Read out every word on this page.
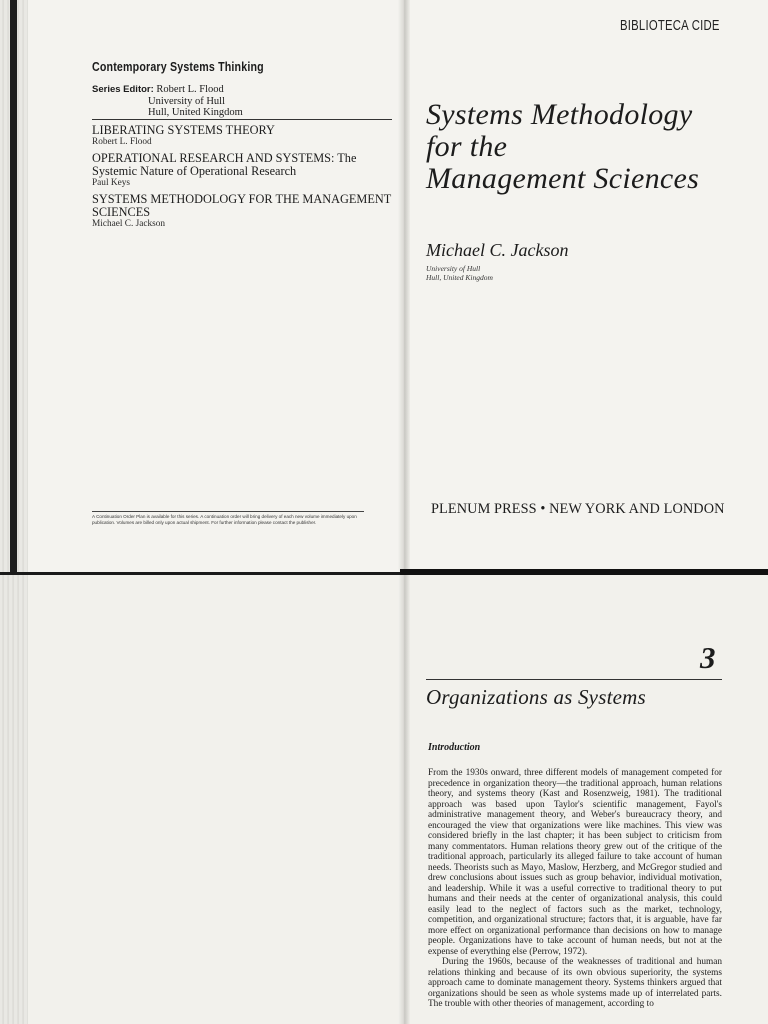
Contemporary Systems Thinking
Series Editor: Robert L. Flood
University of Hull
Hull, United Kingdom
LIBERATING SYSTEMS THEORY
Robert L. Flood
OPERATIONAL RESEARCH AND SYSTEMS: The Systemic Nature of Operational Research
Paul Keys
SYSTEMS METHODOLOGY FOR THE MANAGEMENT SCIENCES
Michael C. Jackson
A Continuation Order Plan is available for this series. A continuation order will bring delivery of each new volume immediately upon publication. Volumes are billed only upon actual shipment. For further information please contact the publisher.
BIBLIOTECA CIDE
Systems Methodology
for the
Management Sciences
Michael C. Jackson
University of Hull
Hull, United Kingdom
PLENUM PRESS • NEW YORK AND LONDON
3
Organizations as Systems
Introduction

From the 1930s onward, three different models of management competed for precedence in organization theory—the traditional approach, human relations theory, and systems theory (Kast and Rosenzweig, 1981). The traditional approach was based upon Taylor's scientific management, Fayol's administrative management theory, and Weber's bureaucracy theory, and encouraged the view that organizations were like machines. This view was considered briefly in the last chapter; it has been subject to criticism from many commentators. Human relations theory grew out of the critique of the traditional approach, particularly its alleged failure to take account of human needs. Theorists such as Mayo, Maslow, Herzberg, and McGregor studied and drew conclusions about issues such as group behavior, individual motivation, and leadership. While it was a useful corrective to traditional theory to put humans and their needs at the center of organizational analysis, this could easily lead to the neglect of factors such as the market, technology, competition, and organizational structure; factors that, it is arguable, have far more effect on organizational performance than decisions on how to manage people. Organizations have to take account of human needs, but not at the expense of everything else (Perrow, 1972).

During the 1960s, because of the weaknesses of traditional and human relations thinking and because of its own obvious superiority, the systems approach came to dominate management theory. Systems thinkers argued that organizations should be seen as whole systems made up of interrelated parts. The trouble with other theories of management, according to
